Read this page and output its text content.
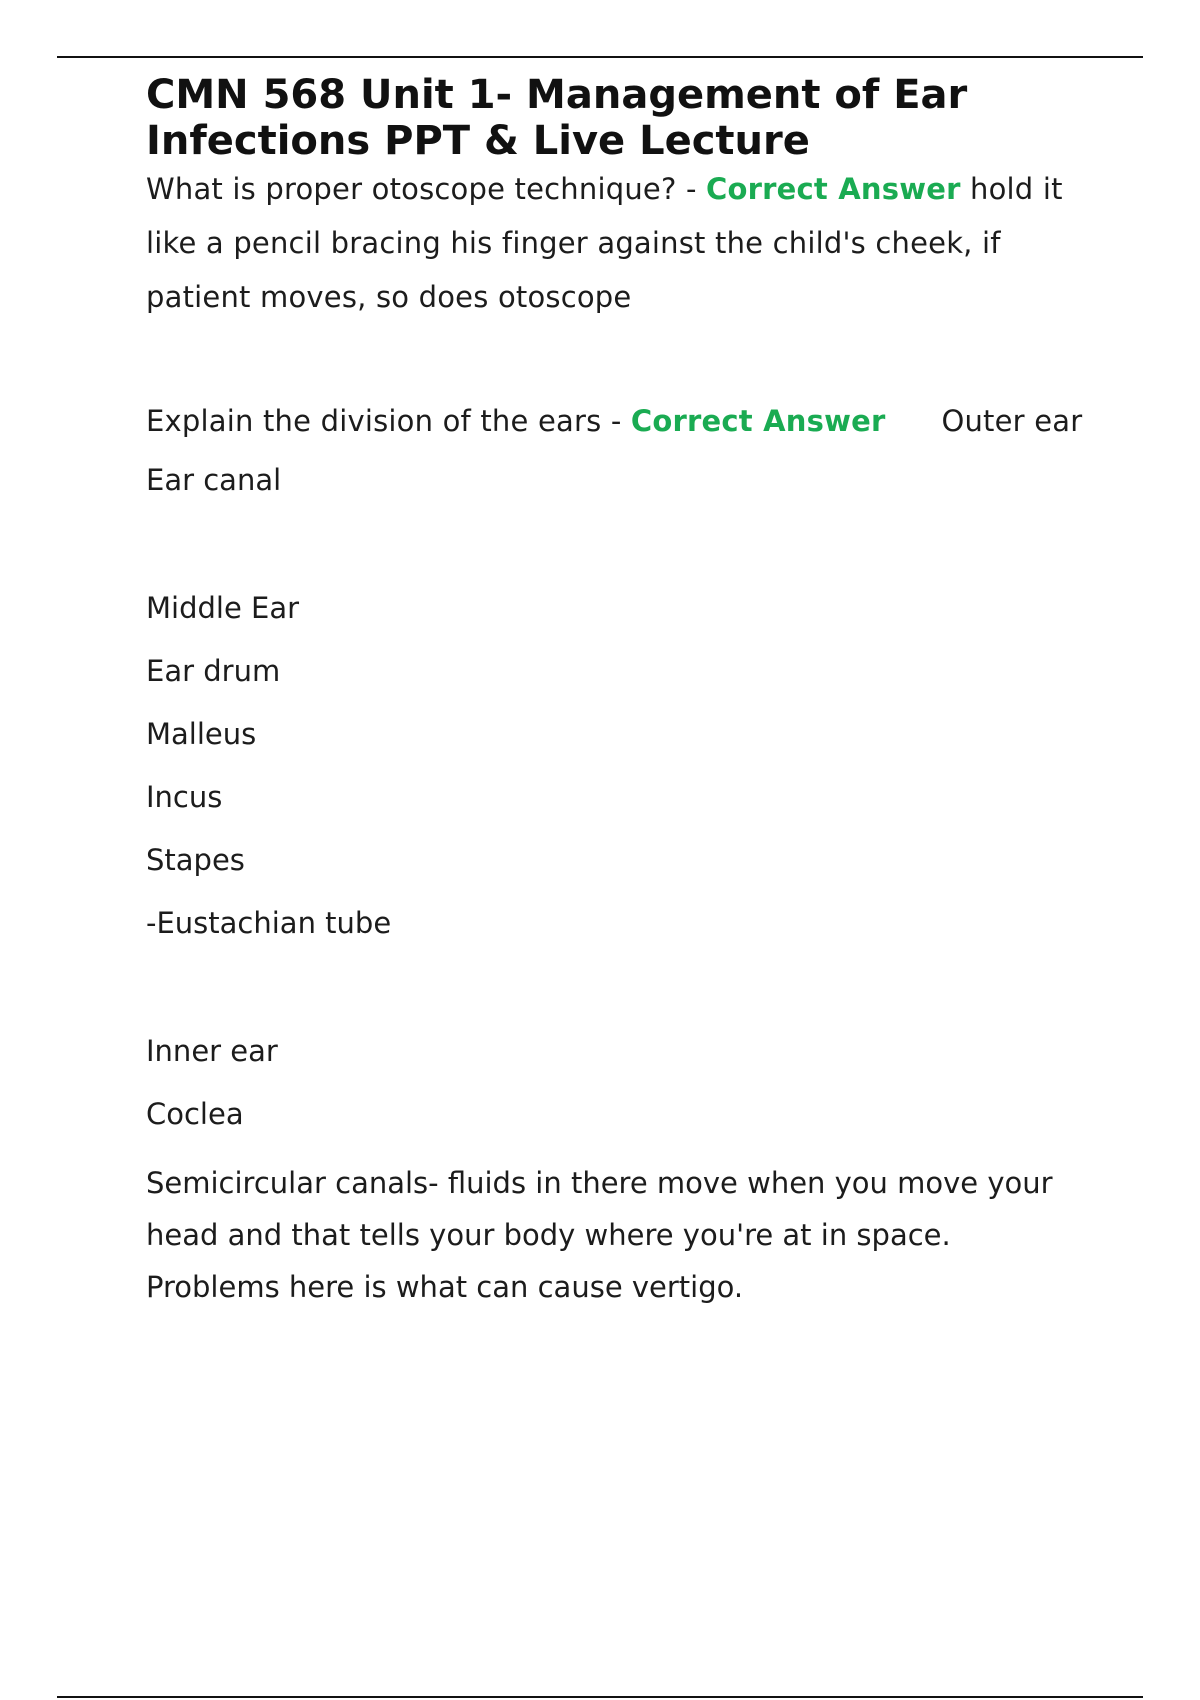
CMN 568 Unit 1- Management of Ear Infections PPT & Live Lecture

What is proper otoscope technique? - Correct Answer hold it like a pencil bracing his finger against the child's cheek, if patient moves, so does otoscope

Explain the division of the ears - Correct Answer Outer ear

Ear canal

Middle Ear

Ear drum

Malleus

Incus

Stapes

-Eustachian tube

Inner ear

Coclea

Semicircular canals- fluids in there move when you move your head and that tells your body where you're at in space. Problems here is what can cause vertigo.
